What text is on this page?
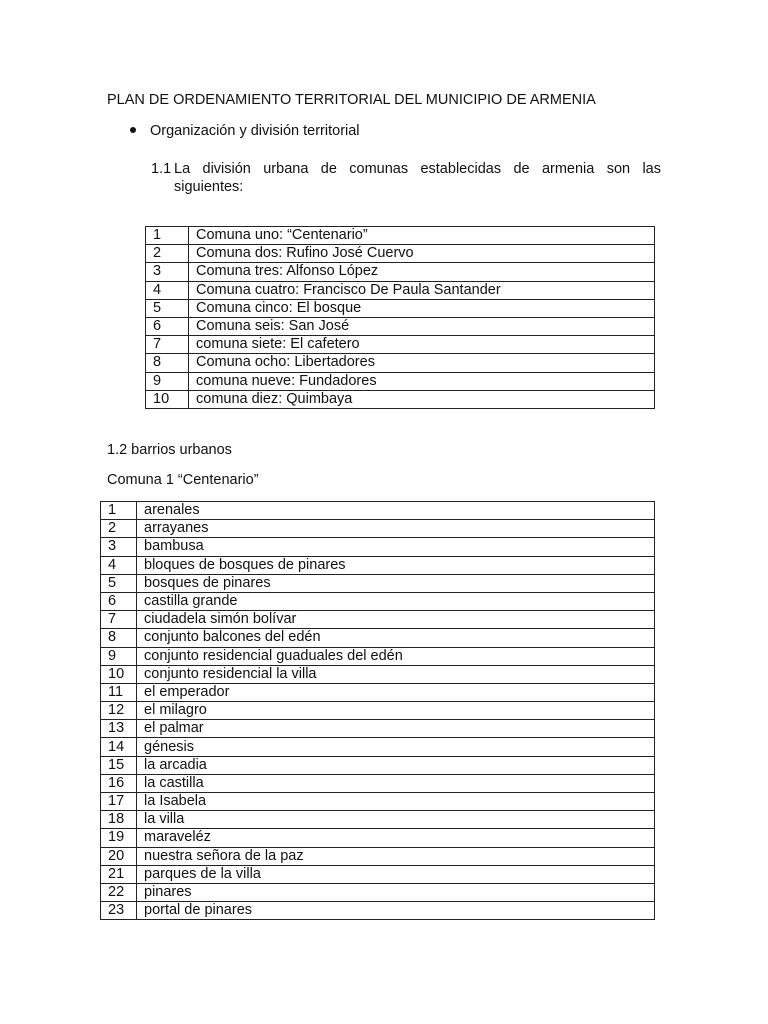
PLAN DE ORDENAMIENTO TERRITORIAL DEL MUNICIPIO DE ARMENIA
Organización y división territorial
1.1 La división urbana de comunas establecidas de armenia son las
siguientes:
1	Comuna uno: “Centenario”
2	Comuna dos: Rufino José Cuervo
3	Comuna tres: Alfonso López
4	Comuna cuatro: Francisco De Paula Santander
5	Comuna cinco: El bosque
6	Comuna seis: San José
7	comuna siete: El cafetero
8	Comuna ocho: Libertadores
9	comuna nueve: Fundadores
10	comuna diez: Quimbaya
1.2 barrios urbanos
Comuna 1 “Centenario”
1	arenales
2	arrayanes
3	bambusa
4	bloques de bosques de pinares
5	bosques de pinares
6	castilla grande
7	ciudadela simón bolívar
8	conjunto balcones del edén
9	conjunto residencial guaduales del edén
10	conjunto residencial la villa
11	el emperador
12	el milagro
13	el palmar
14	génesis
15	la arcadia
16	la castilla
17	la Isabela
18	la villa
19	maraveléz
20	nuestra señora de la paz
21	parques de la villa
22	pinares
23	portal de pinares
